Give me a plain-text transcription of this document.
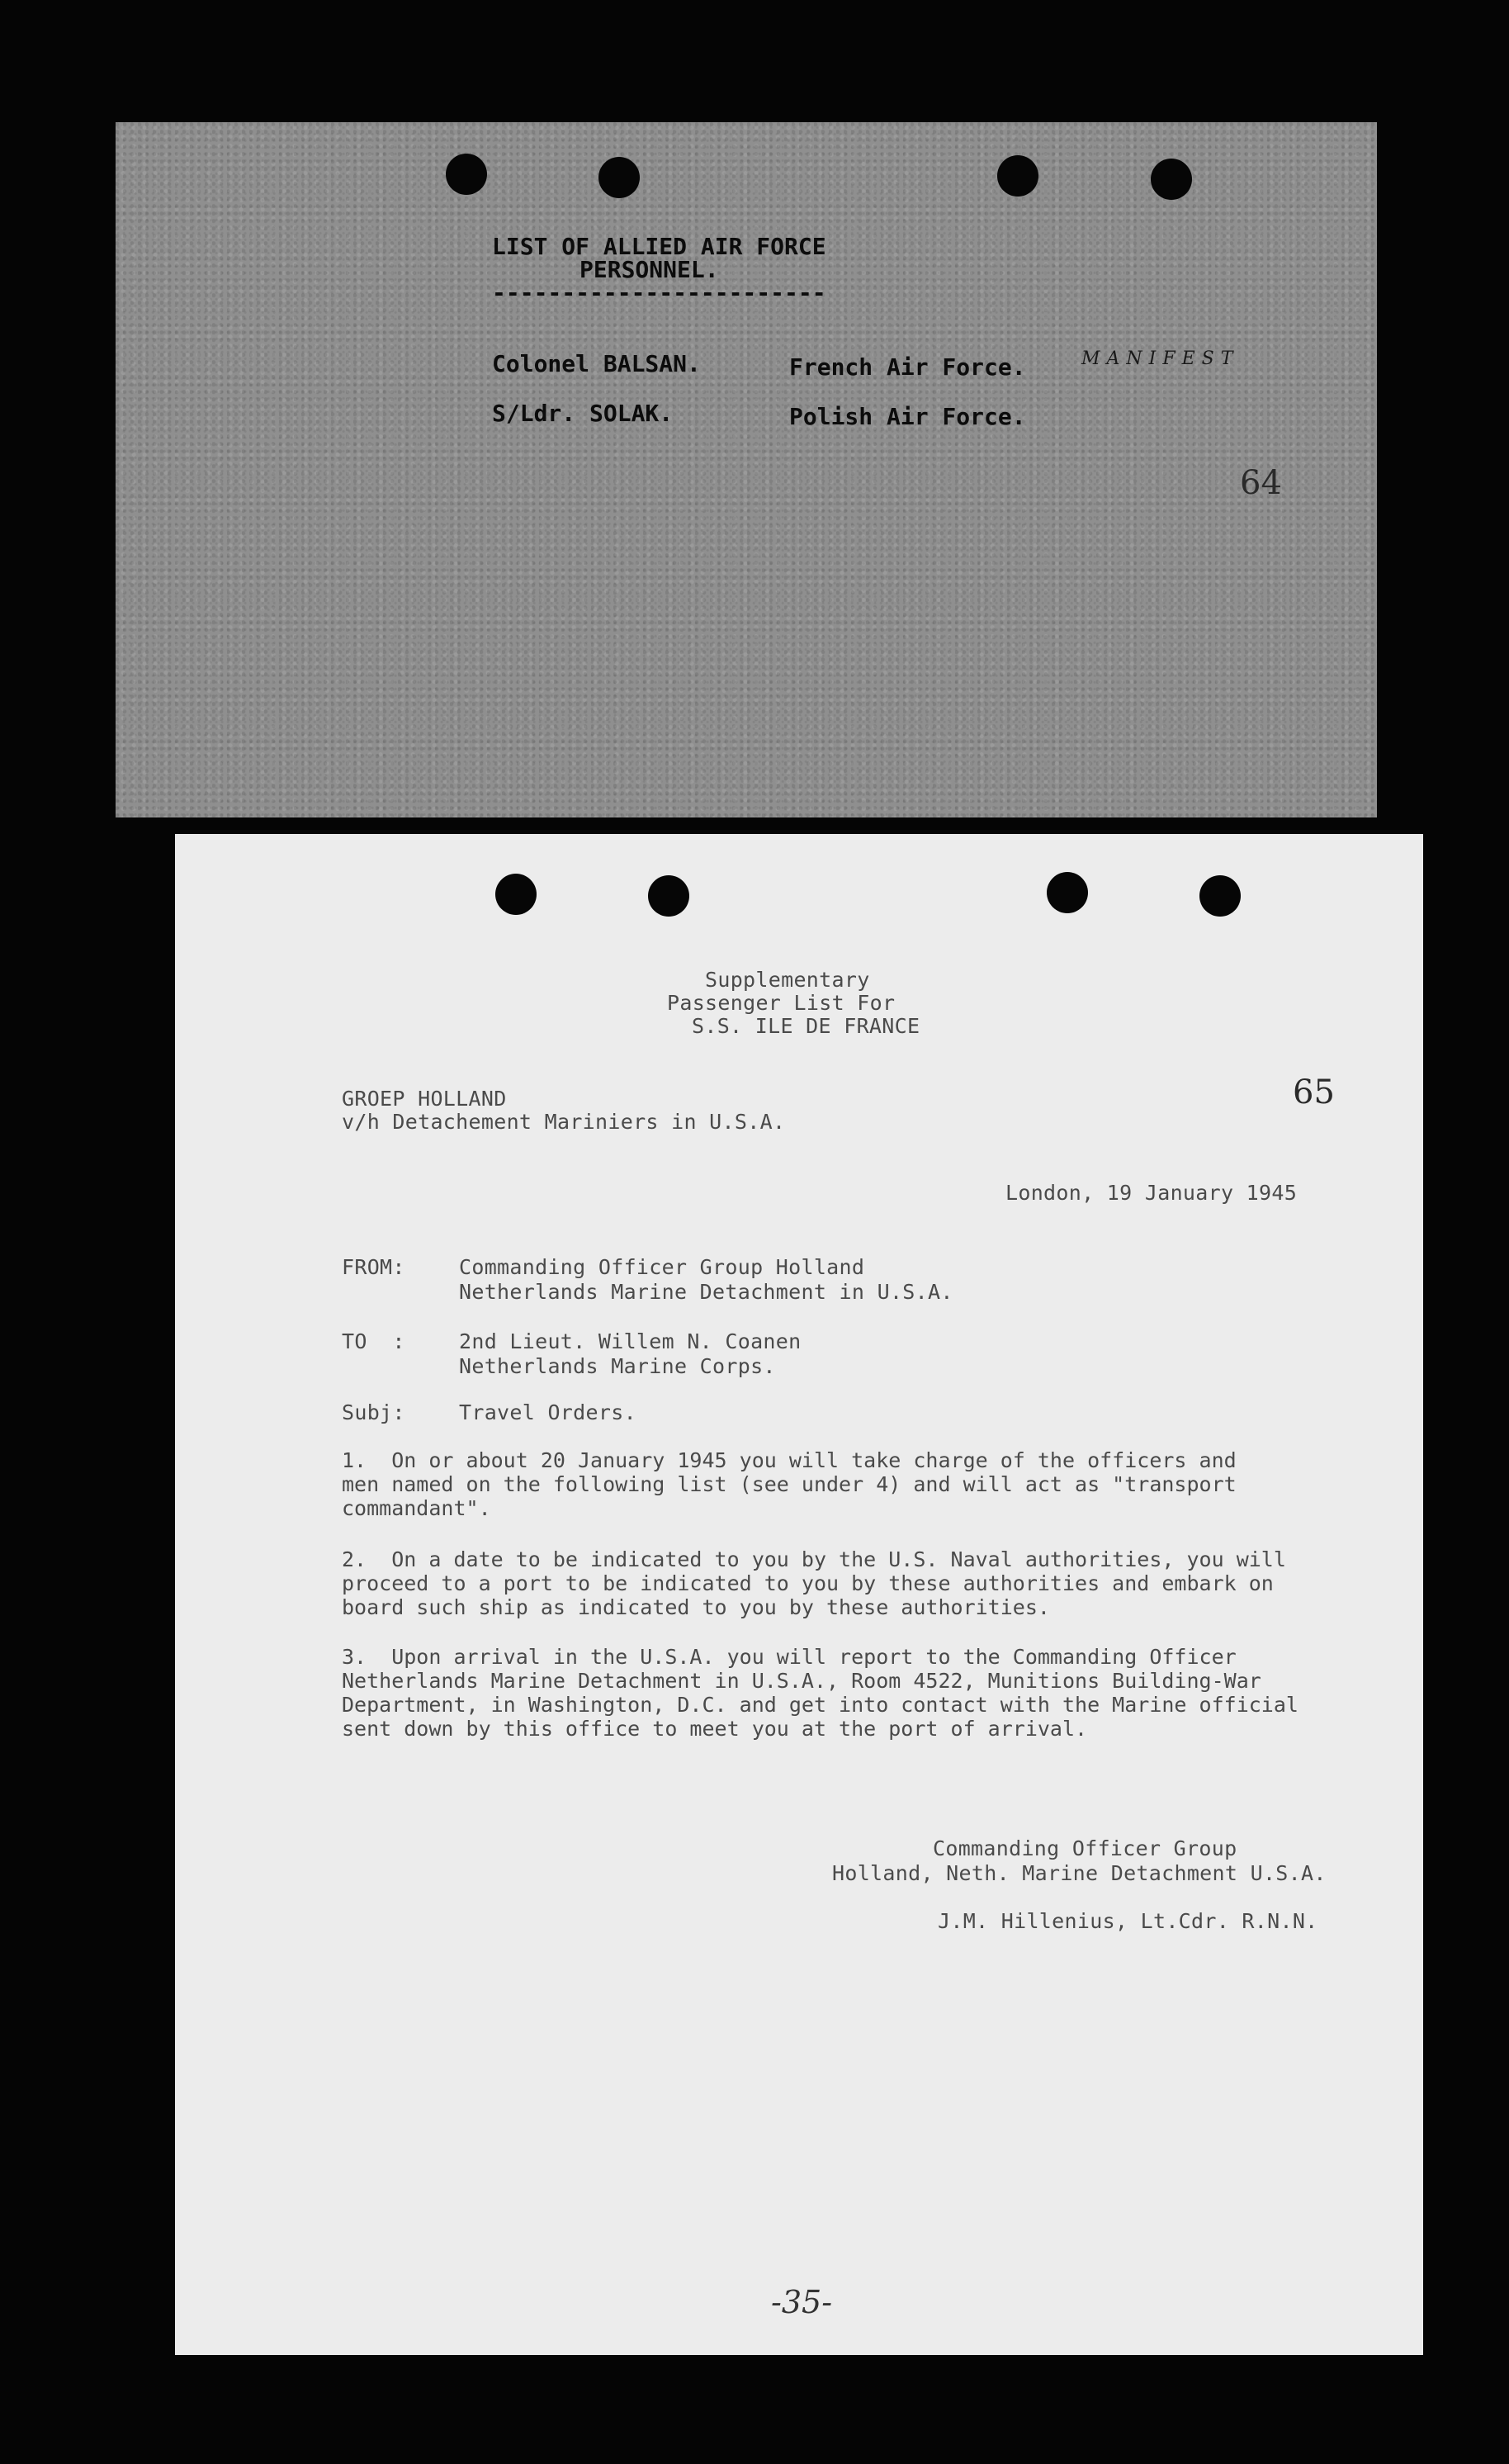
LIST OF ALLIED AIR FORCE
PERSONNEL.
------------------------
Colonel BALSAN.	French Air Force.
S/Ldr. SOLAK.	Polish Air Force.
MANIFEST
64
Supplementary
Passenger List For
S.S. ILE DE FRANCE
GROEP HOLLAND
v/h Detachement Mariniers in U.S.A.
65
London, 19 January 1945
FROM:	Commanding Officer Group Holland
Netherlands Marine Detachment in U.S.A.
TO  :	2nd Lieut. Willem N. Coanen
Netherlands Marine Corps.
Subj:	Travel Orders.
1.  On or about 20 January 1945 you will take charge of the officers and
men named on the following list (see under 4) and will act as "transport
commandant".
2.  On a date to be indicated to you by the U.S. Naval authorities, you will
proceed to a port to be indicated to you by these authorities and embark on
board such ship as indicated to you by these authorities.
3.  Upon arrival in the U.S.A. you will report to the Commanding Officer
Netherlands Marine Detachment in U.S.A., Room 4522, Munitions Building-War
Department, in Washington, D.C. and get into contact with the Marine official
sent down by this office to meet you at the port of arrival.
Commanding Officer Group
Holland, Neth. Marine Detachment U.S.A.
J.M. Hillenius, Lt.Cdr. R.N.N.
-35-
